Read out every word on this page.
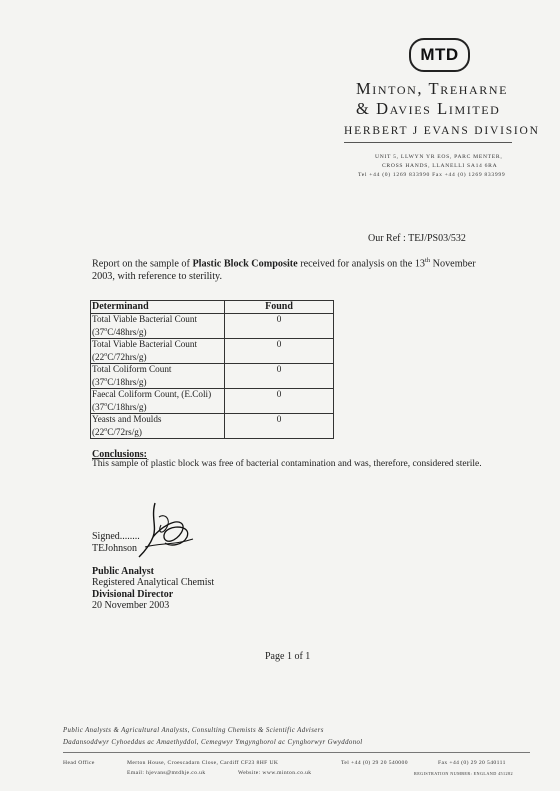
MTD
Minton, Treharne
& Davies Limited
HERBERT J EVANS DIVISION
UNIT 5, LLWYN YR EOS, PARC MENTER,
CROSS HANDS, LLANELLI SA14 6RA
Tel +44 (0) 1269 833990 Fax +44 (0) 1269 833999
Our Ref : TEJ/PS03/532
Report on the sample of Plastic Block Composite received for analysis on the 13th November 2003, with reference to sterility.
Determinand	Found
Total Viable Bacterial Count
(37$^o$C/48hrs/g)	0
Total Viable Bacterial Count
(22$^o$C/72hrs/g)	0
Total Coliform Count
(37$^o$C/18hrs/g)	0
Faecal Coliform Count, (E.Coli)
(37$^o$C/18hrs/g)	0
Yeasts and Moulds
(22$^o$C/72rs/g)	0
Conclusions:
This sample of plastic block was free of bacterial contamination and was, therefore, considered sterile.
Signed........
TEJohnson
Public Analyst
Registered Analytical Chemist
Divisional Director
20 November 2003
Page 1 of 1
Public Analysts & Agricultural Analysts, Consulting Chemists & Scientific Advisers
Dadansoddwyr Cyhoeddus ac Amaethyddol, Cemegwyr Ymgynghorol ac Cynghorwyr Gwyddonol
Head Office	Merton House, Croescadarn Close, Cardiff CF23 8HF UK	Tel +44 (0) 29 20 540000	Fax +44 (0) 29 20 540111
Email: hjevans@mtdhje.co.uk	Website: www.minton.co.uk	REGISTRATION NUMBER: ENGLAND 451282
